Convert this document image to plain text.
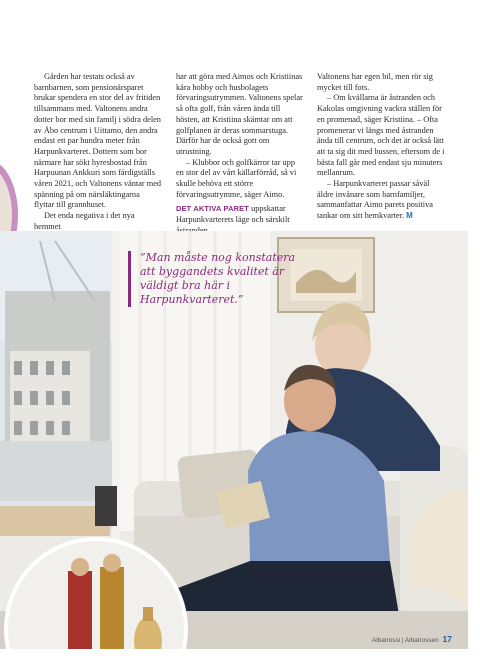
Gården har testats också av barnbarnen, som pensionärsparet brukar spendera en stor del av fritiden tillsammans med. Valtonens andra dotter bor med sin familj i södra delen av Åbo centrum i Uittamo, den andra endast ett par hundra meter från Harpunkvarteret. Dottern som bor närmare har sökt hyresbostad från Harpuunan Ankkuri som färdigställs våren 2021, och Valtonens väntar med spänning på om närsläktingarna flyttar till grannhuset.

Det enda negativa i det nya hemmet

har att göra med Aimos och Kristiinas kära hobby och husbolagets förvaringsutrymmen. Valtonens spelar så ofta golf, från våren ända till hösten, att Kristiina skämtar om att golfplanen är deras sommarstuga. Därför har de också gott om utrustning.

– Klubbor och golfkärror tar upp en stor del av vårt källarförråd, så vi skulle behöva ett större förvaringsutrymme, säger Aimo.

DET AKTIVA PARET uppskattar Harpunkvarterets läge och särskilt

Valtonens har egen bil, men rör sig mycket till fots.

– Om kvällarna är åstranden och Kakolas omgivning vackra ställen för en promenad, säger Kristiina. – Ofta promenerar vi längs med åstranden ända till centrum, och det är också lätt att ta sig dit med bussen, eftersom de i bästa fall går med endast sju minuters mellanrum.

– Harpunkvarteret passar såväl äldre invånare som barnfamiljer, sammanfattar Aimo parets positiva tankar om sitt hemkvarter. M

”Man måste nog konstatera att byggandets kvalitet är väldigt bra här i Harpunkvarteret.”
Albatrossi | Albatrossen 17
